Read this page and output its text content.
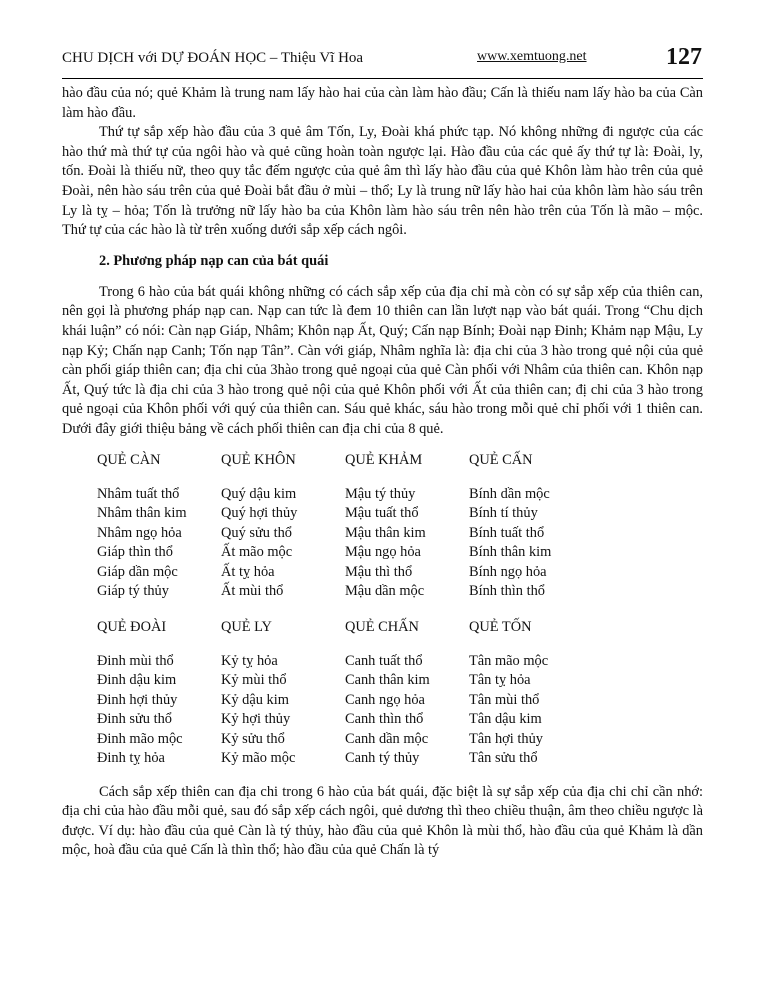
CHU DỊCH với DỰ ĐOÁN HỌC – Thiệu Vĩ Hoa	www.xemtuong.net	127

hào đầu của nó; quẻ Khảm là trung nam lấy hào hai của càn làm hào đầu; Cấn là thiếu nam lấy hào ba của Càn làm hào đầu.

Thứ tự sắp xếp hào đầu của 3 quẻ âm Tốn, Ly, Đoài khá phức tạp. Nó không những đi ngược của các hào thứ mà thứ tự của ngôi hào và quẻ cũng hoàn toàn ngược lại. Hào đầu của các quẻ ấy thứ tự là: Đoài, ly, tốn. Đoài là thiếu nữ, theo quy tắc đếm ngược của quẻ âm thì lấy hào đầu của quẻ Khôn làm hào trên của quẻ Đoài, nên hào sáu trên của quẻ Đoài bắt đầu ở mùi – thổ; Ly là trung nữ lấy hào hai của khôn làm hào sáu trên Ly là tỵ – hỏa; Tốn là trưởng nữ lấy hào ba của Khôn làm hào sáu trên nên hào trên của Tốn là mão – mộc. Thứ tự của các hào là từ trên xuống dưới sắp xếp cách ngôi.

2. Phương pháp nạp can của bát quái

Trong 6 hào của bát quái không những có cách sắp xếp của địa chỉ mà còn có sự sắp xếp của thiên can, nên gọi là phương pháp nạp can. Nạp can tức là đem 10 thiên can lần lượt nạp vào bát quái. Trong “Chu dịch khái luận” có nói: Càn nạp Giáp, Nhâm; Khôn nạp Ất, Quý; Cấn nạp Bính; Đoài nạp Đinh; Khảm nạp Mậu, Ly nạp Kỷ; Chấn nạp Canh; Tốn nạp Tân”. Càn với giáp, Nhâm nghĩa là: địa chi của 3 hào trong quẻ nội của quẻ càn phối giáp thiên can; địa chi của 3hào trong quẻ ngoại của quẻ Càn phối với Nhâm của thiên can. Khôn nạp Ất, Quý tức là địa chi của 3 hào trong quẻ nội của quẻ Khôn phối với Ất của thiên can; đị chi của 3 hào trong quẻ ngoại của Khôn phối với quý của thiên can. Sáu quẻ khác, sáu hào trong mỗi quẻ chỉ phối với 1 thiên can. Dưới đây giới thiệu bảng về cách phối thiên can địa chi của 8 quẻ.

QUẺ CÀN	QUẺ KHÔN	QUẺ KHẢM	QUẺ CẤN
Nhâm tuất thổ	Quý dậu kim	Mậu tý thủy	Bính dần mộc
Nhâm thân kim	Quý hợi thủy	Mậu tuất thổ	Bính tí thủy
Nhâm ngọ hỏa	Quý sửu thổ	Mậu thân kim	Bính tuất thổ
Giáp thìn thổ	Ất mão mộc	Mậu ngọ hỏa	Bính thân kim
Giáp dần mộc	Ất tỵ hỏa	Mậu thì thổ	Bính ngọ hỏa
Giáp tý thủy	Ất mùi thổ	Mậu dần mộc	Bính thìn thổ
QUẺ ĐOÀI	QUẺ LY	QUẺ CHẤN	QUẺ TỐN
Đinh mùi thổ	Kỷ tỵ hỏa	Canh tuất thổ	Tân mão mộc
Đinh dậu kim	Kỷ mùi thổ	Canh thân kim	Tân tỵ hỏa
Đinh hợi thủy	Kỷ dậu kim	Canh ngọ hỏa	Tân mùi thổ
Đinh sửu thổ	Kỷ hợi thủy	Canh thìn thổ	Tân dậu kim
Đinh mão mộc	Kỷ sửu thổ	Canh dần mộc	Tân hợi thủy
Đinh tỵ hỏa	Kỷ mão mộc	Canh tý thủy	Tân sửu thổ

Cách sắp xếp thiên can địa chi trong 6 hào của bát quái, đặc biệt là sự sắp xếp của địa chi chỉ cần nhớ: địa chi của hào đầu mỗi quẻ, sau đó sắp xếp cách ngôi, quẻ dương thì theo chiều thuận, âm theo chiều ngược là được. Ví dụ: hào đầu của quẻ Càn là tý thủy, hào đầu của quẻ Khôn là mùi thổ, hào đầu của quẻ Khảm là dần mộc, hoà đầu của quẻ Cấn là thìn thổ; hào đầu của quẻ Chấn là tý
